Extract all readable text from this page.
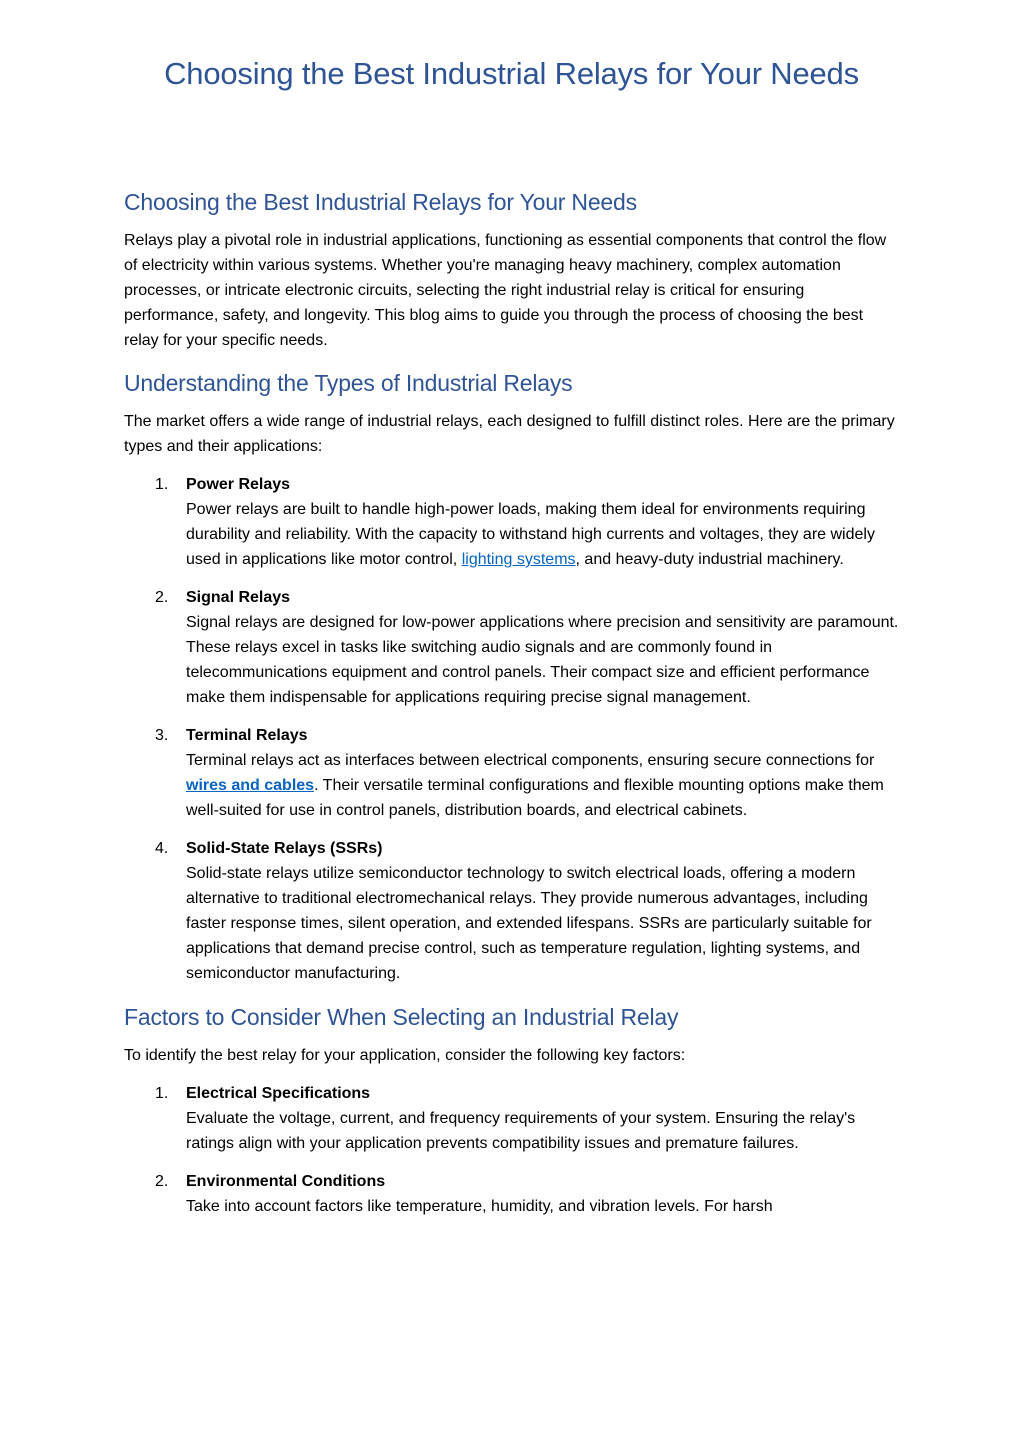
Choosing the Best Industrial Relays for Your Needs
Choosing the Best Industrial Relays for Your Needs

Relays play a pivotal role in industrial applications, functioning as essential components that control the flow of electricity within various systems. Whether you're managing heavy machinery, complex automation processes, or intricate electronic circuits, selecting the right industrial relay is critical for ensuring performance, safety, and longevity. This blog aims to guide you through the process of choosing the best relay for your specific needs.

Understanding the Types of Industrial Relays

The market offers a wide range of industrial relays, each designed to fulfill distinct roles. Here are the primary types and their applications:

1. Power Relays
Power relays are built to handle high-power loads, making them ideal for environments requiring durability and reliability. With the capacity to withstand high currents and voltages, they are widely used in applications like motor control, lighting systems, and heavy-duty industrial machinery.
2. Signal Relays
Signal relays are designed for low-power applications where precision and sensitivity are paramount. These relays excel in tasks like switching audio signals and are commonly found in telecommunications equipment and control panels. Their compact size and efficient performance make them indispensable for applications requiring precise signal management.
3. Terminal Relays
Terminal relays act as interfaces between electrical components, ensuring secure connections for wires and cables. Their versatile terminal configurations and flexible mounting options make them well-suited for use in control panels, distribution boards, and electrical cabinets.
4. Solid-State Relays (SSRs)
Solid-state relays utilize semiconductor technology to switch electrical loads, offering a modern alternative to traditional electromechanical relays. They provide numerous advantages, including faster response times, silent operation, and extended lifespans. SSRs are particularly suitable for applications that demand precise control, such as temperature regulation, lighting systems, and semiconductor manufacturing.
Factors to Consider When Selecting an Industrial Relay

To identify the best relay for your application, consider the following key factors:

1. Electrical Specifications
Evaluate the voltage, current, and frequency requirements of your system. Ensuring the relay's ratings align with your application prevents compatibility issues and premature failures.
2. Environmental Conditions
Take into account factors like temperature, humidity, and vibration levels. For harsh
